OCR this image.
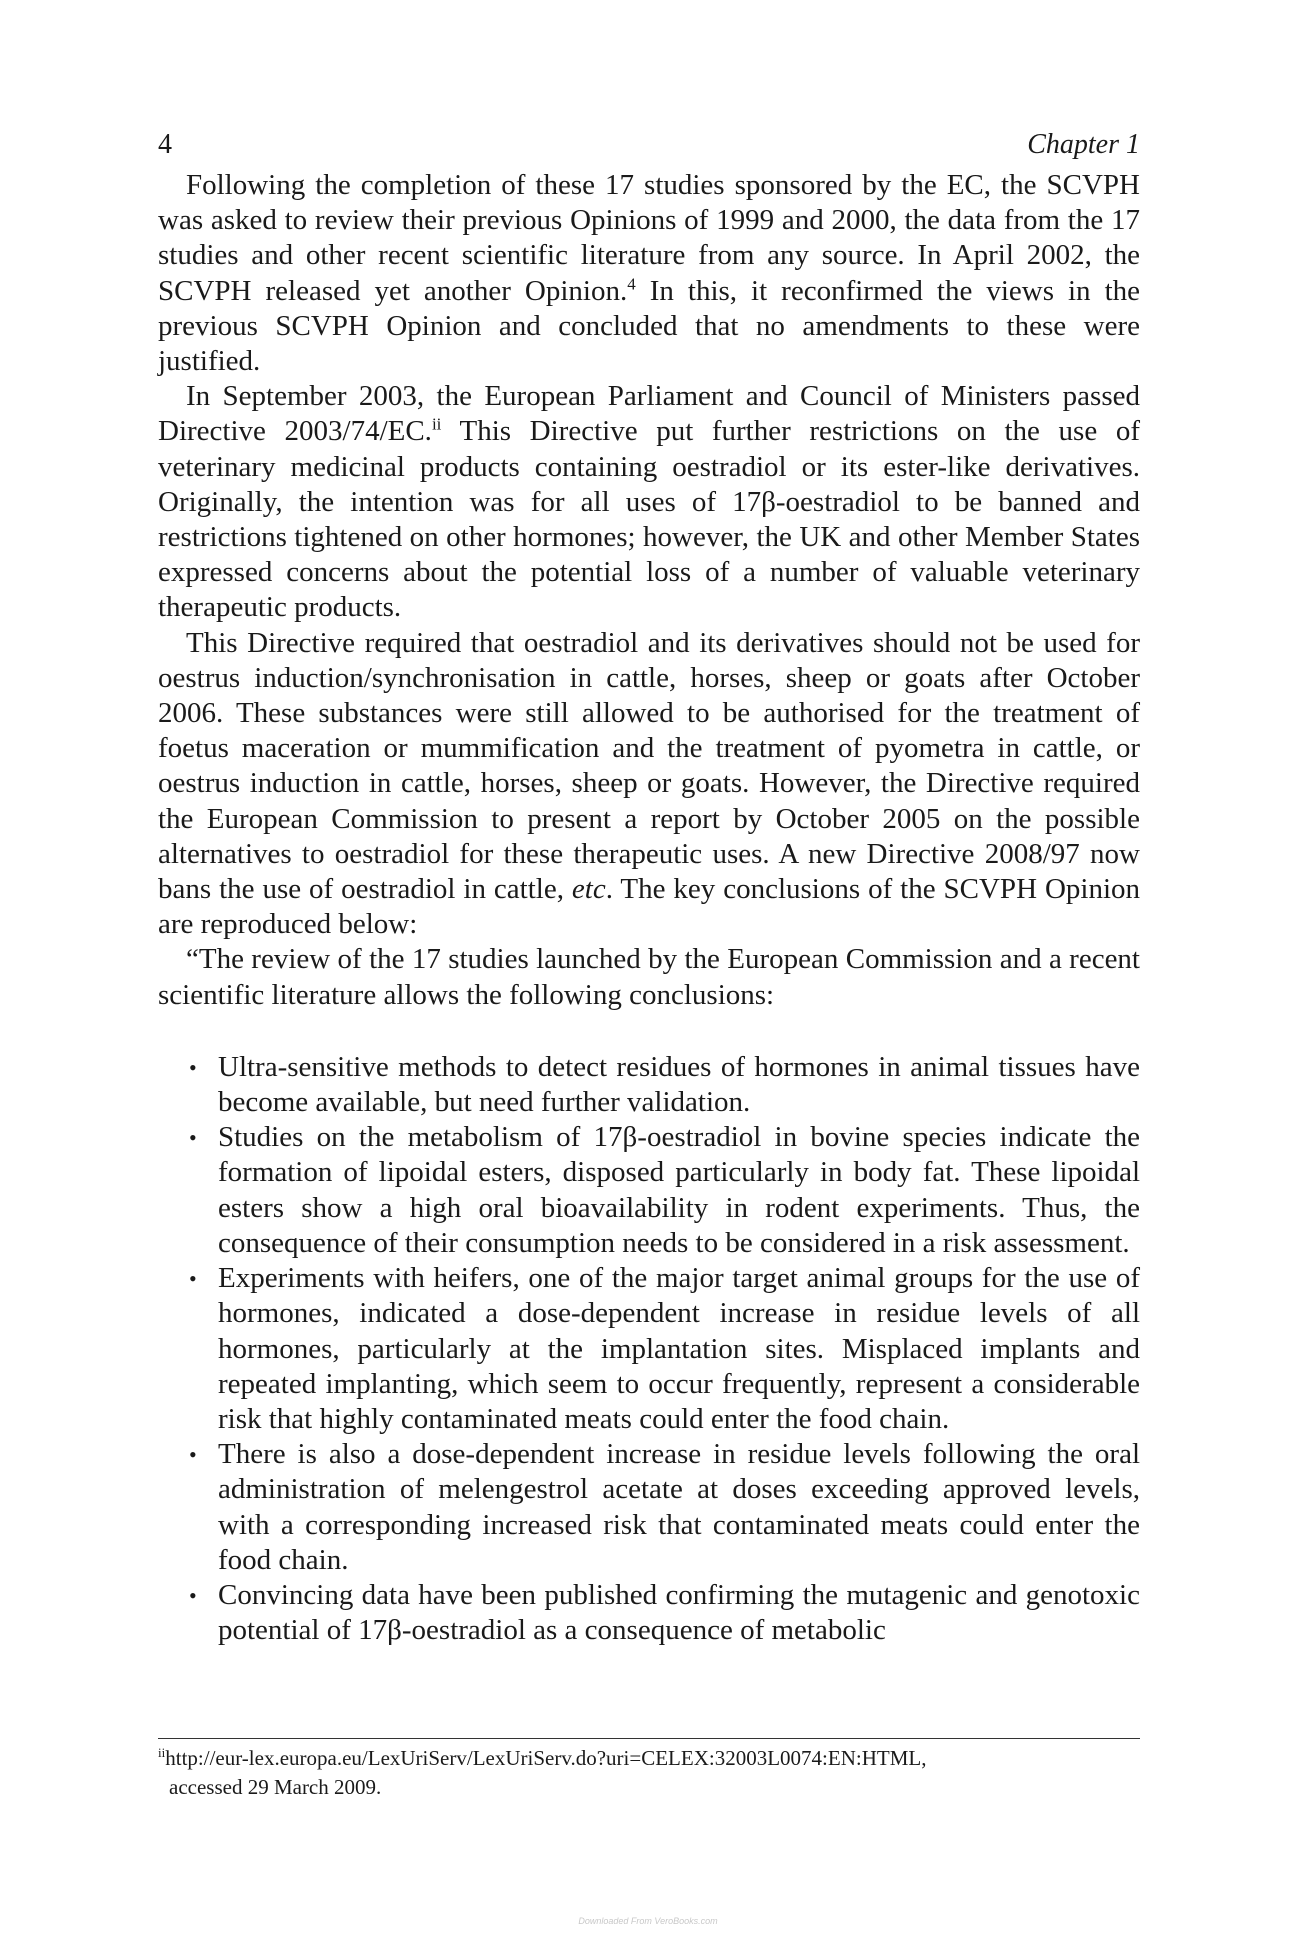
4	Chapter 1

Following the completion of these 17 studies sponsored by the EC, the SCVPH was asked to review their previous Opinions of 1999 and 2000, the data from the 17 studies and other recent scientific literature from any source. In April 2002, the SCVPH released yet another Opinion.$^4$ In this, it reconfirmed the views in the previous SCVPH Opinion and concluded that no amendments to these were justified.

In September 2003, the European Parliament and Council of Ministers passed Directive 2003/74/EC.$^{ii}$ This Directive put further restrictions on the use of veterinary medicinal products containing oestradiol or its ester-like derivatives. Originally, the intention was for all uses of 17β-oestradiol to be banned and restrictions tightened on other hormones; however, the UK and other Member States expressed concerns about the potential loss of a number of valuable veterinary therapeutic products.

This Directive required that oestradiol and its derivatives should not be used for oestrus induction/synchronisation in cattle, horses, sheep or goats after October 2006. These substances were still allowed to be authorised for the treatment of foetus maceration or mummification and the treatment of pyometra in cattle, or oestrus induction in cattle, horses, sheep or goats. However, the Directive required the European Commission to present a report by October 2005 on the possible alternatives to oestradiol for these therapeutic uses. A new Directive 2008/97 now bans the use of oestradiol in cattle, etc. The key conclusions of the SCVPH Opinion are reproduced below:

“The review of the 17 studies launched by the European Commission and a recent scientific literature allows the following conclusions:

• Ultra-sensitive methods to detect residues of hormones in animal tissues have become available, but need further validation.
• Studies on the metabolism of 17β-oestradiol in bovine species indicate the formation of lipoidal esters, disposed particularly in body fat. These lipoidal esters show a high oral bioavailability in rodent experiments. Thus, the consequence of their consumption needs to be considered in a risk assessment.
• Experiments with heifers, one of the major target animal groups for the use of hormones, indicated a dose-dependent increase in residue levels of all hormones, particularly at the implantation sites. Misplaced implants and repeated implanting, which seem to occur frequently, represent a considerable risk that highly contaminated meats could enter the food chain.
• There is also a dose-dependent increase in residue levels following the oral administration of melengestrol acetate at doses exceeding approved levels, with a corresponding increased risk that contaminated meats could enter the food chain.
• Convincing data have been published confirming the mutagenic and genotoxic potential of 17β-oestradiol as a consequence of metabolic
$^{ii}$http://eur-lex.europa.eu/LexUriServ/LexUriServ.do?uri=CELEX:32003L0074:EN:HTML,
accessed 29 March 2009.
Downloaded From VeroBooks.com
